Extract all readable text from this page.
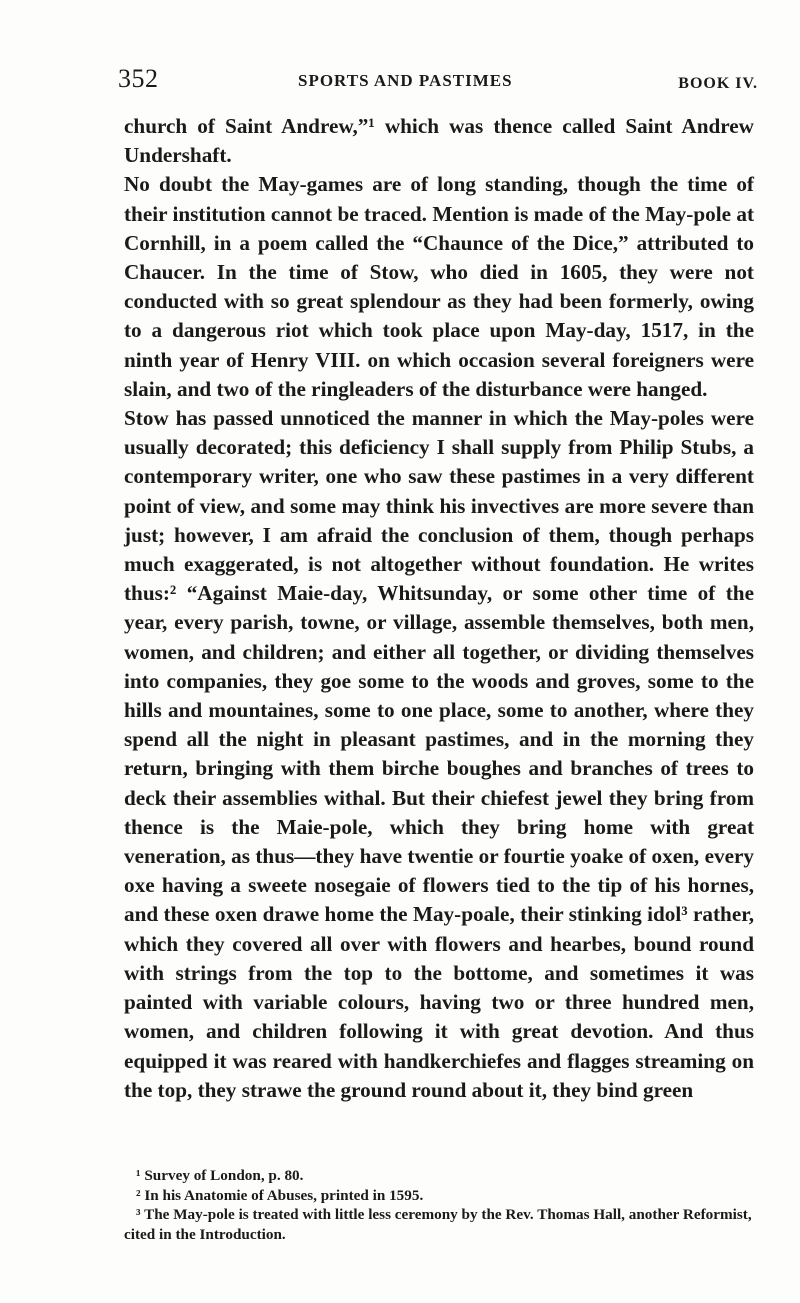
352	SPORTS AND PASTIMES	BOOK IV.

church of Saint Andrew,”¹ which was thence called Saint Andrew Undershaft.

No doubt the May-games are of long standing, though the time of their institution cannot be traced. Mention is made of the May-pole at Cornhill, in a poem called the “Chaunce of the Dice,” attributed to Chaucer. In the time of Stow, who died in 1605, they were not conducted with so great splendour as they had been formerly, owing to a dangerous riot which took place upon May-day, 1517, in the ninth year of Henry VIII. on which occasion several foreigners were slain, and two of the ringleaders of the disturbance were hanged.

Stow has passed unnoticed the manner in which the May-poles were usually decorated; this deficiency I shall supply from Philip Stubs, a contemporary writer, one who saw these pastimes in a very different point of view, and some may think his invectives are more severe than just; however, I am afraid the conclusion of them, though perhaps much exaggerated, is not altogether without foundation. He writes thus:² “Against Maie-day, Whitsunday, or some other time of the year, every parish, towne, or village, assemble themselves, both men, women, and children; and either all together, or dividing themselves into companies, they goe some to the woods and groves, some to the hills and mountaines, some to one place, some to another, where they spend all the night in pleasant pastimes, and in the morning they return, bringing with them birche boughes and branches of trees to deck their assemblies withal. But their chiefest jewel they bring from thence is the Maie-pole, which they bring home with great veneration, as thus—they have twentie or fourtie yoake of oxen, every oxe having a sweete nosegaie of flowers tied to the tip of his hornes, and these oxen drawe home the May-poale, their stinking idol³ rather, which they covered all over with flowers and hearbes, bound round with strings from the top to the bottome, and sometimes it was painted with variable colours, having two or three hundred men, women, and children following it with great devotion. And thus equipped it was reared with handkerchiefes and flagges streaming on the top, they strawe the ground round about it, they bind green

¹ Survey of London, p. 80.

² In his Anatomie of Abuses, printed in 1595.

³ The May-pole is treated with little less ceremony by the Rev. Thomas Hall, another Reformist, cited in the Introduction.
